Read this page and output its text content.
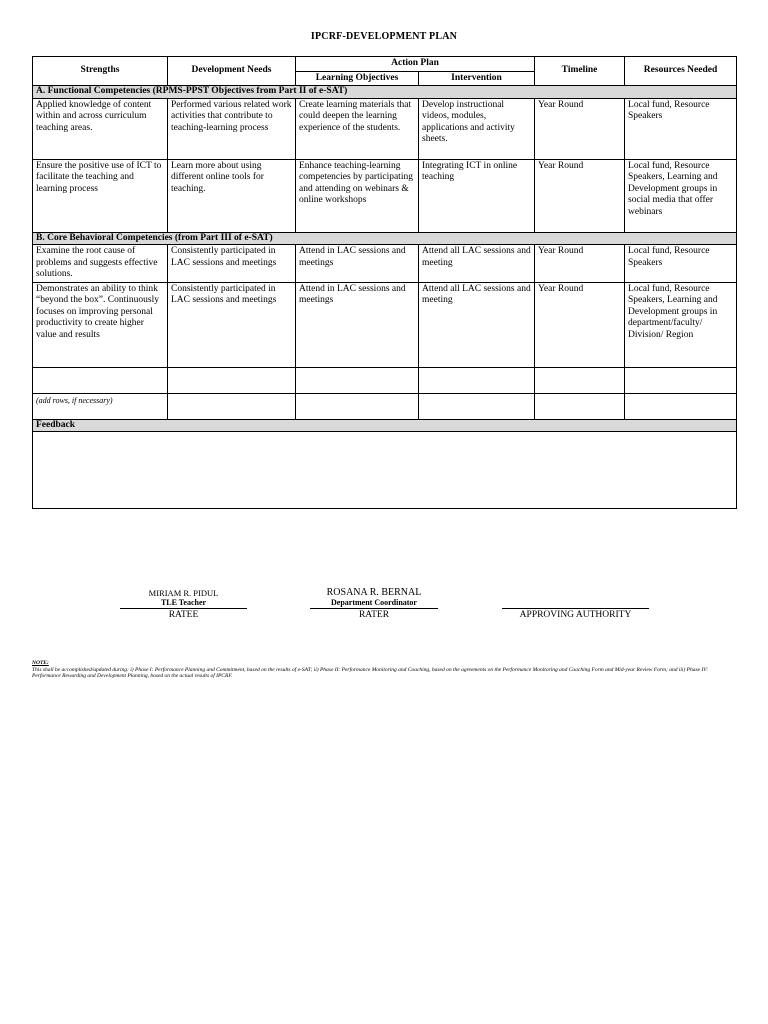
IPCRF-DEVELOPMENT PLAN
Strengths	Development Needs	Action Plan		Timeline	Resources Needed
		Learning Objectives	Intervention		
A. Functional Competencies (RPMS-PPST Objectives from Part II of e-SAT)					
Applied knowledge of content within and across curriculum teaching areas.	Performed various related work activities that contribute to teaching-learning process	Create learning materials that could deepen the learning experience of the students.	Develop instructional videos, modules, applications and activity sheets.	Year Round	Local fund, Resource Speakers
Ensure the positive use of ICT to facilitate the teaching and learning process	Learn more about using different online tools for teaching.	Enhance teaching-learning competencies by participating and attending on webinars & online workshops	Integrating ICT in online teaching	Year Round	Local fund, Resource Speakers, Learning and Development groups in social media that offer webinars
B. Core Behavioral Competencies (from Part III of e-SAT)					
Examine the root cause of problems and suggests effective solutions.	Consistently participated in LAC sessions and meetings	Attend in LAC sessions and meetings	Attend all LAC sessions and meeting	Year Round	Local fund, Resource Speakers
Demonstrates an ability to think “beyond the box”. Continuously focuses on improving personal productivity to create higher value and results	Consistently participated in LAC sessions and meetings	Attend in LAC sessions and meetings	Attend all LAC sessions and meeting	Year Round	Local fund, Resource Speakers, Learning and Development groups in department/faculty/ Division/ Region

(add rows, if necessary)					
Feedback					

MIRIAM R. PIDUL
TLE Teacher
RATEE
ROSANA R. BERNAL
Department Coordinator
RATER	APPROVING AUTHORITY
NOTE:
This shall be accomplished/updated during: i) Phase I: Performance Planning and Commitment, based on the results of e-SAT; ii) Phase II: Performance Monitoring and Coaching, based on the agreements on the Performance Monitoring and Coaching Form and Mid-year Review Form; and iii) Phase IV: Performance Rewarding and Development Planning, based on the actual results of IPCRF.
